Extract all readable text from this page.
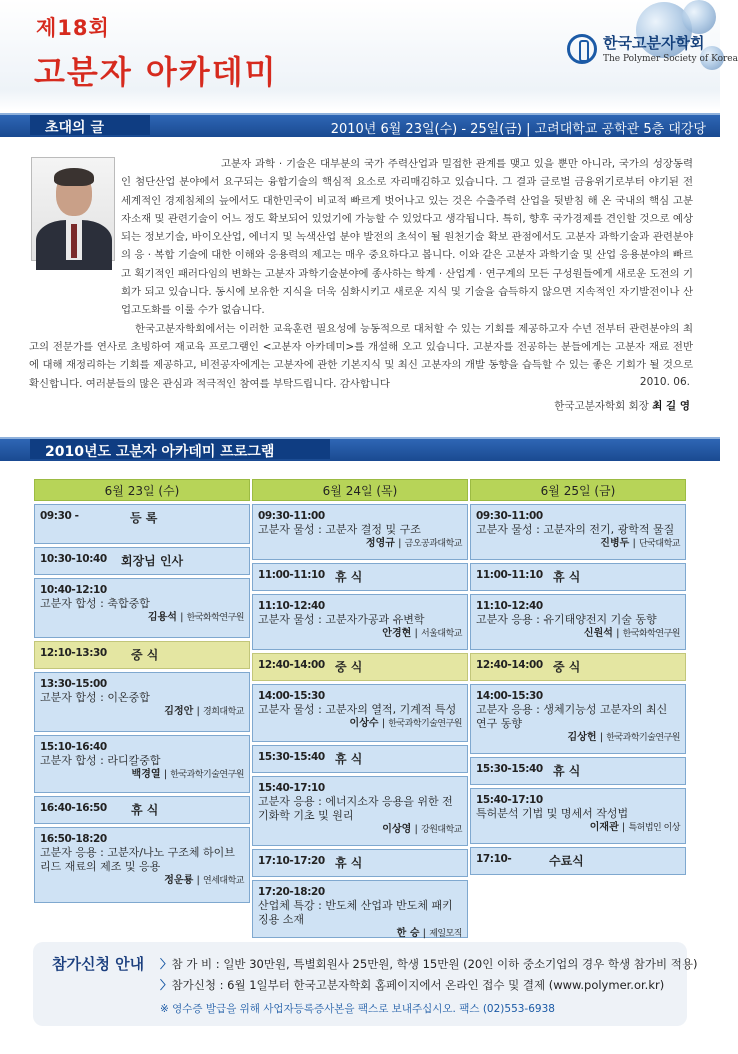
제18회
고분자 아카데미
한국고분자학회
The Polymer Society of Korea
초대의 글	2010년 6월 23일(수) - 25일(금) | 고려대학교 공학관 5층 대강당

고분자 과학 · 기술은 대부분의 국가 주력산업과 밀접한 관계를 맺고 있을 뿐만 아니라, 국가의 성장동력인 첨단산업 분야에서 요구되는 융합기술의 핵심적 요소로 자리매김하고 있습니다. 그 결과 글로벌 금융위기로부터 야기된 전 세계적인 경제침체의 늪에서도 대한민국이 비교적 빠르게 벗어나고 있는 것은 수출주력 산업을 뒷받침 해 온 국내의 핵심 고분자소재 및 관련기술이 어느 정도 확보되어 있었기에 가능할 수 있었다고 생각됩니다. 특히, 향후 국가경제를 견인할 것으로 예상되는 정보기술, 바이오산업, 에너지 및 녹색산업 분야 발전의 초석이 될 원천기술 확보 관점에서도 고분자 과학기술과 관련분야의 응 · 복합 기술에 대한 이해와 응용력의 제고는 매우 중요하다고 봅니다. 이와 같은 고분자 과학기술 및 산업 응용분야의 빠르고 획기적인 패러다임의 변화는 고분자 과학기술분야에 종사하는 학계 · 산업계 · 연구계의 모든 구성원들에게 새로운 도전의 기회가 되고 있습니다. 동시에 보유한 지식을 더욱 심화시키고 새로운 지식 및 기술을 습득하지 않으면 지속적인 자기발전이나 산업고도화를 이룰 수가 없습니다.

한국고분자학회에서는 이러한 교육훈련 필요성에 능동적으로 대처할 수 있는 기회를 제공하고자 수년 전부터 관련분야의 최고의 전문가를 연사로 초빙하여 재교육 프로그램인 <고분자 아카데미>를 개설해 오고 있습니다. 고분자를 전공하는 분들에게는 고분자 재료 전반에 대해 재정리하는 기회를 제공하고, 비전공자에게는 고분자에 관한 기본지식 및 최신 고분자의 개발 동향을 습득할 수 있는 좋은 기회가 될 것으로 확신합니다. 여러분들의 많은 관심과 적극적인 참여를 부탁드립니다. 감사합니다	2010. 06.
한국고분자학회 회장 최 길 영
2010년도 고분자 아카데미 프로그램
6월 23일 (수)
09:30 -	등 록
10:30-10:40 회장님 인사
10:40-12:10
고분자 합성 : 축합중합
김용석 | 한국화학연구원
12:10-13:30 중 식
13:30-15:00
고분자 합성 : 이온중합
김정안 | 경희대학교
15:10-16:40
고분자 합성 : 라디칼중합
백경열 | 한국과학기술연구원
16:40-16:50 휴 식
16:50-18:20
고분자 응용 : 고분자/나노 구조체 하이브리드 재료의 제조 및 응용
정운룡 | 연세대학교
6월 24일 (목)
09:30-11:00
고분자 물성 : 고분자 결정 및 구조
정영규 | 금오공과대학교
11:00-11:10 휴 식
11:10-12:40
고분자 물성 : 고분자가공과 유변학
안경현 | 서울대학교
12:40-14:00 중 식
14:00-15:30
고분자 물성 : 고분자의 열적, 기계적 특성
이상수 | 한국과학기술연구원
15:30-15:40 휴 식
15:40-17:10
고분자 응용 : 에너지소자 응용을 위한 전기화학 기초 및 원리
이상영 | 강원대학교
17:10-17:20 휴 식
17:20-18:20
산업체 특강 : 반도체 산업과 반도체 패키징용 소재
한 승 | 제일모직
6월 25일 (금)
09:30-11:00
고분자 물성 : 고분자의 전기, 광학적 물질
진병두 | 단국대학교
11:00-11:10 휴 식
11:10-12:40
고분자 응용 : 유기태양전지 기술 동향
신원석 | 한국화학연구원
12:40-14:00 중 식
14:00-15:30
고분자 응용 : 생체기능성 고분자의 최신 연구 동향
김상헌 | 한국과학기술연구원
15:30-15:40 휴 식
15:40-17:10
특허분석 기법 및 명세서 작성법
이재관 | 특허법인 이상
17:10-	수료식
참가신청 안내 〉참 가 비 : 일반 30만원, 특별회원사 25만원, 학생 15만원 (20인 이하 중소기업의 경우 학생 참가비 적용)
〉참가신청 : 6월 1일부터 한국고분자학회 홈페이지에서 온라인 접수 및 결제 (www.polymer.or.kr)
※ 영수증 발급을 위해 사업자등록증사본을 팩스로 보내주십시오. 팩스 (02)553-6938
